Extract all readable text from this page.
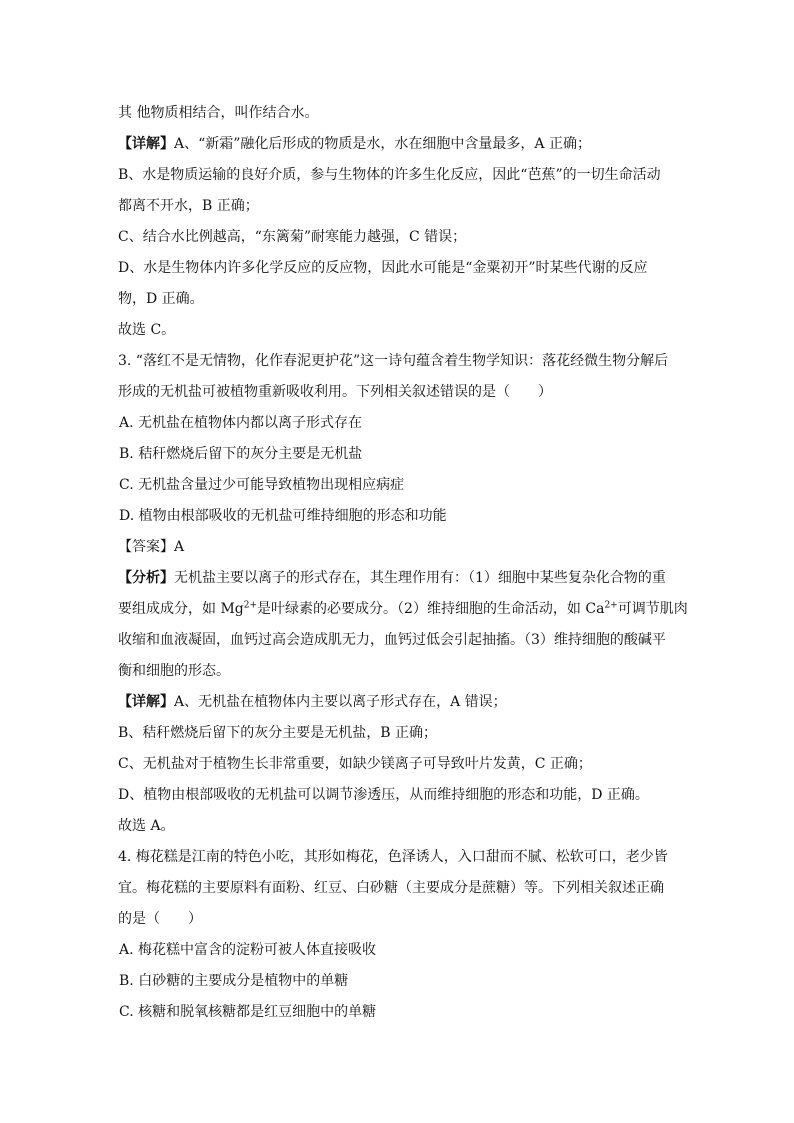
其 他物质相结合，叫作结合水。
【详解】A、“新霜”融化后形成的物质是水，水在细胞中含量最多，A 正确；
B、水是物质运输的良好介质，参与生物体的许多生化反应，因此“芭蕉”的一切生命活动
都离不开水，B 正确；
C、结合水比例越高，“东篱菊”耐寒能力越强，C 错误；
D、水是生物体内许多化学反应的反应物，因此水可能是“金粟初开”时某些代谢的反应
物，D 正确。
故选 C。
3. “落红不是无情物，化作春泥更护花”这一诗句蕴含着生物学知识：落花经微生物分解后
形成的无机盐可被植物重新吸收利用。下列相关叙述错误的是（　　）
A. 无机盐在植物体内都以离子形式存在
B. 秸秆燃烧后留下的灰分主要是无机盐
C. 无机盐含量过少可能导致植物出现相应病症
D. 植物由根部吸收的无机盐可维持细胞的形态和功能
【答案】A
【分析】无机盐主要以离子的形式存在，其生理作用有：（1）细胞中某些复杂化合物的重
要组成成分，如 $Mg^{2+}$是叶绿素的必要成分。（2）维持细胞的生命活动，如 $Ca^{2+}$可调节肌肉
收缩和血液凝固，血钙过高会造成肌无力，血钙过低会引起抽搐。（3）维持细胞的酸碱平
衡和细胞的形态。
【详解】A、无机盐在植物体内主要以离子形式存在，A 错误；
B、秸秆燃烧后留下的灰分主要是无机盐，B 正确；
C、无机盐对于植物生长非常重要，如缺少镁离子可导致叶片发黄，C 正确；
D、植物由根部吸收的无机盐可以调节渗透压，从而维持细胞的形态和功能，D 正确。
故选 A。
4. 梅花糕是江南的特色小吃，其形如梅花，色泽诱人，入口甜而不腻、松软可口，老少皆
宜。梅花糕的主要原料有面粉、红豆、白砂糖（主要成分是蔗糖）等。下列相关叙述正确
的是（　　）
A. 梅花糕中富含的淀粉可被人体直接吸收
B. 白砂糖的主要成分是植物中的单糖
C. 核糖和脱氧核糖都是红豆细胞中的单糖
